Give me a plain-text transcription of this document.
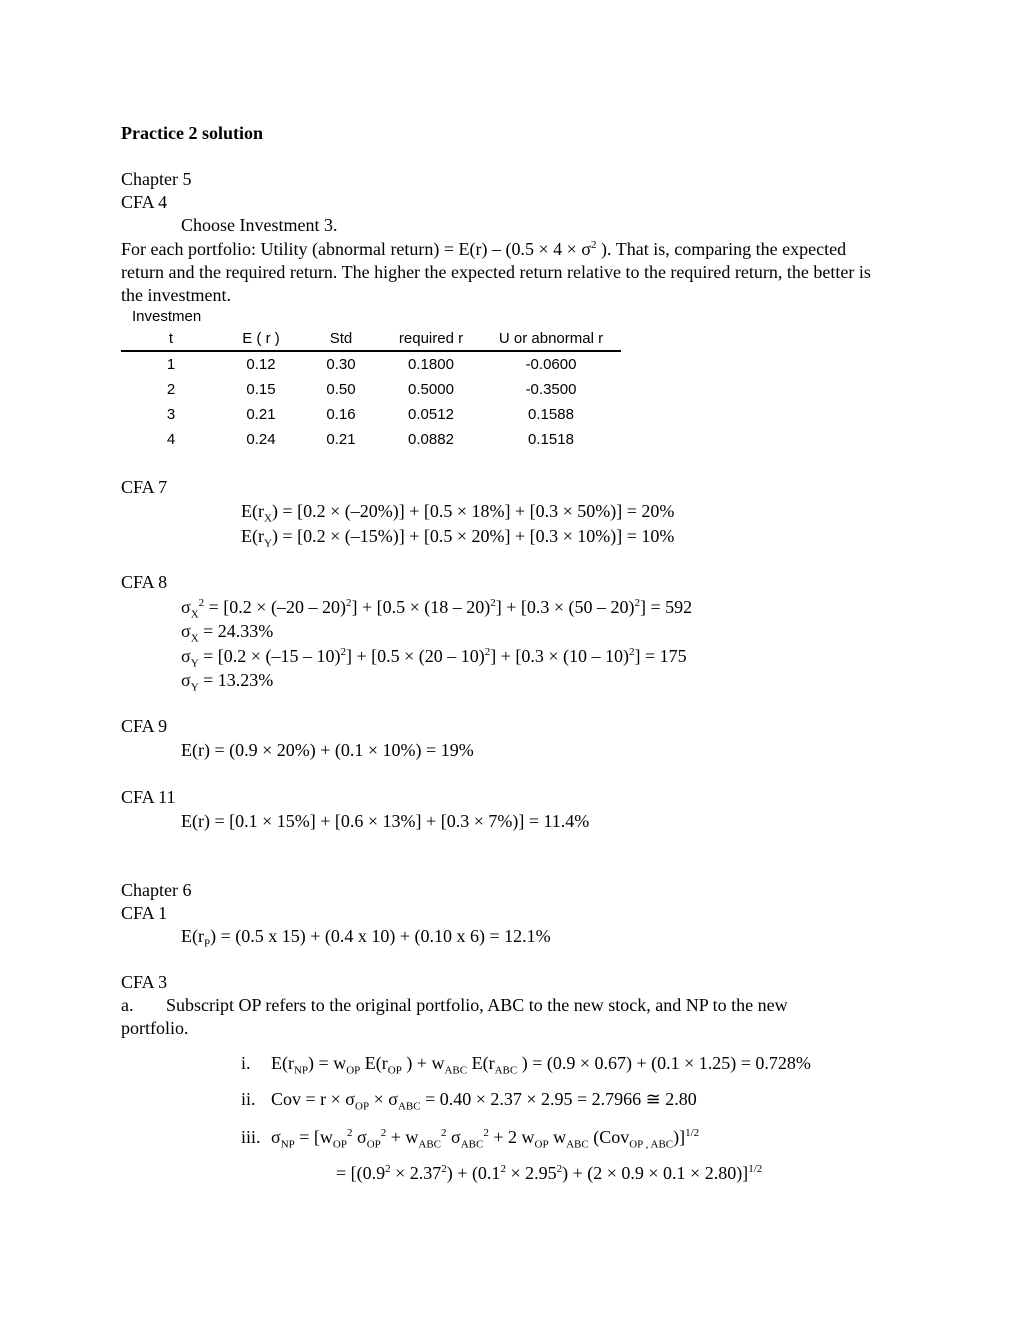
Practice 2 solution
Chapter 5
CFA 4
Choose Investment 3.
For each portfolio: Utility (abnormal return) = $E(r) - (0.5 \times 4 \times \sigma^2$ ). That is, comparing the expected return and the required return. The higher the expected return relative to the required return, the better is the investment.
Investmen
t	E ( r )	Std	required r	U or abnormal r
1	0.12	0.30	0.1800	-0.0600
2	0.15	0.50	0.5000	-0.3500
3	0.21	0.16	0.0512	0.1588
4	0.24	0.21	0.0882	0.1518
CFA 7
$E(r_X) = [0.2 \times (-20\%)] + [0.5 \times 18\%] + [0.3 \times 50\%)] = 20\%$
$E(r_Y) = [0.2 \times (-15\%)] + [0.5 \times 20\%] + [0.3 \times 10\%)] = 10\%$
CFA 8
$\sigma_X^2 = [0.2 \times (-20 - 20)^2] + [0.5 \times (18 - 20)^2] + [0.3 \times (50 - 20)^2] = 592$
$\sigma_X = 24.33\%$
$\sigma_Y = [0.2 \times (-15 - 10)^2] + [0.5 \times (20 - 10)^2] + [0.3 \times (10 - 10)^2] = 175$
$\sigma_Y = 13.23\%$
CFA 9
E(r) = (0.9 × 20%) + (0.1 × 10%) = 19%
CFA 11
E(r) = [0.1 × 15%] + [0.6 × 13%] + [0.3 × 7%)] = 11.4%
Chapter 6
CFA 1
$E(r_P) = (0.5$ x 15) + (0.4 x 10) + (0.10 x 6) = 12.1%
CFA 3
a. Subscript OP refers to the original portfolio, ABC to the new stock, and NP to the new
portfolio.
i. $E(r_{NP}) = w_{OP}$ $E(r_{OP}$ ) + $w_{ABC}$ $E(r_{ABC}$ ) = (0.9 × 0.67) + (0.1 × 1.25) = 0.728%
ii. Cov = $r \times \sigma_{OP} \times \sigma_{ABC} = 0.40 \times 2.37 \times 2.95 = 2.7966$ ≅ 2.80
iii. $\sigma_{NP} = [w_{OP}^2$ $\sigma_{OP}^2 + w_{ABC}^2$ $\sigma_{ABC}^2 + 2$ $w_{OP}$ $w_{ABC}$ (Cov$_{OP , ABC}$)]$^{1/2}$
= $[(0.9^2 \times 2.37^2) + (0.1^2 \times 2.95^2) + (2 \times 0.9 \times 0.1 \times 2.80)]^{1/2}$
